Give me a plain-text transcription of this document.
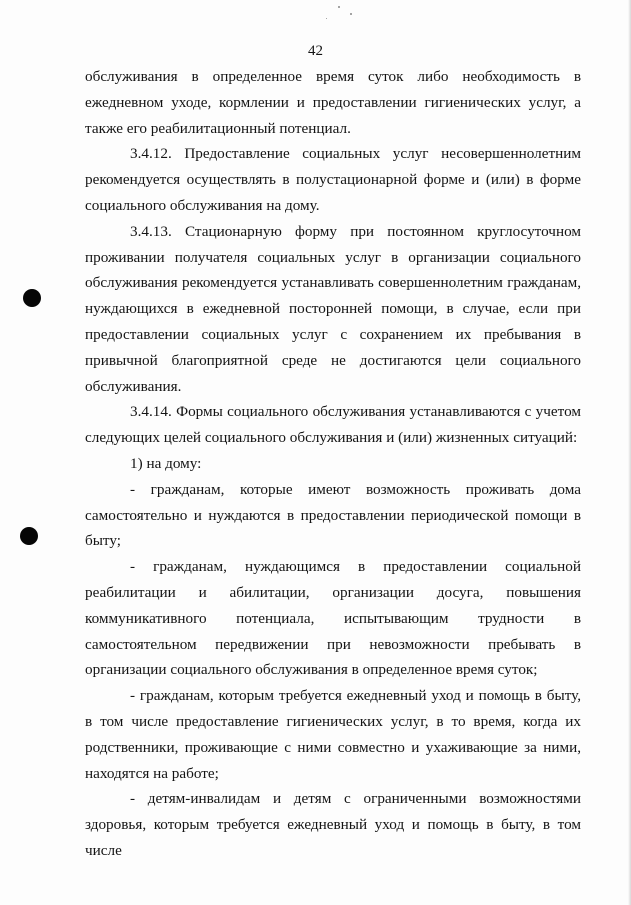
42

обслуживания в определенное время суток либо необходимость в ежедневном уходе, кормлении и предоставлении гигиенических услуг, а также его реабилитационный потенциал.

3.4.12. Предоставление социальных услуг несовершеннолетним рекомендуется осуществлять в полустационарной форме и (или) в форме социального обслуживания на дому.

3.4.13. Стационарную форму при постоянном круглосуточном проживании получателя социальных услуг в организации социального обслуживания рекомендуется устанавливать совершеннолетним гражданам, нуждающихся в ежедневной посторонней помощи, в случае, если при предоставлении социальных услуг с сохранением их пребывания в привычной благоприятной среде не достигаются цели социального обслуживания.

3.4.14. Формы социального обслуживания устанавливаются с учетом следующих целей социального обслуживания и (или) жизненных ситуаций:

1) на дому:

- гражданам, которые имеют возможность проживать дома самостоятельно и нуждаются в предоставлении периодической помощи в быту;

- гражданам, нуждающимся в предоставлении социальной реабилитации и абилитации, организации досуга, повышения коммуникативного потенциала, испытывающим трудности в самостоятельном передвижении при невозможности пребывать в организации социального обслуживания в определенное время суток;

- гражданам, которым требуется ежедневный уход и помощь в быту, в том числе предоставление гигиенических услуг, в то время, когда их родственники, проживающие с ними совместно и ухаживающие за ними, находятся на работе;

- детям-инвалидам и детям с ограниченными возможностями здоровья, которым требуется ежедневный уход и помощь в быту, в том числе
